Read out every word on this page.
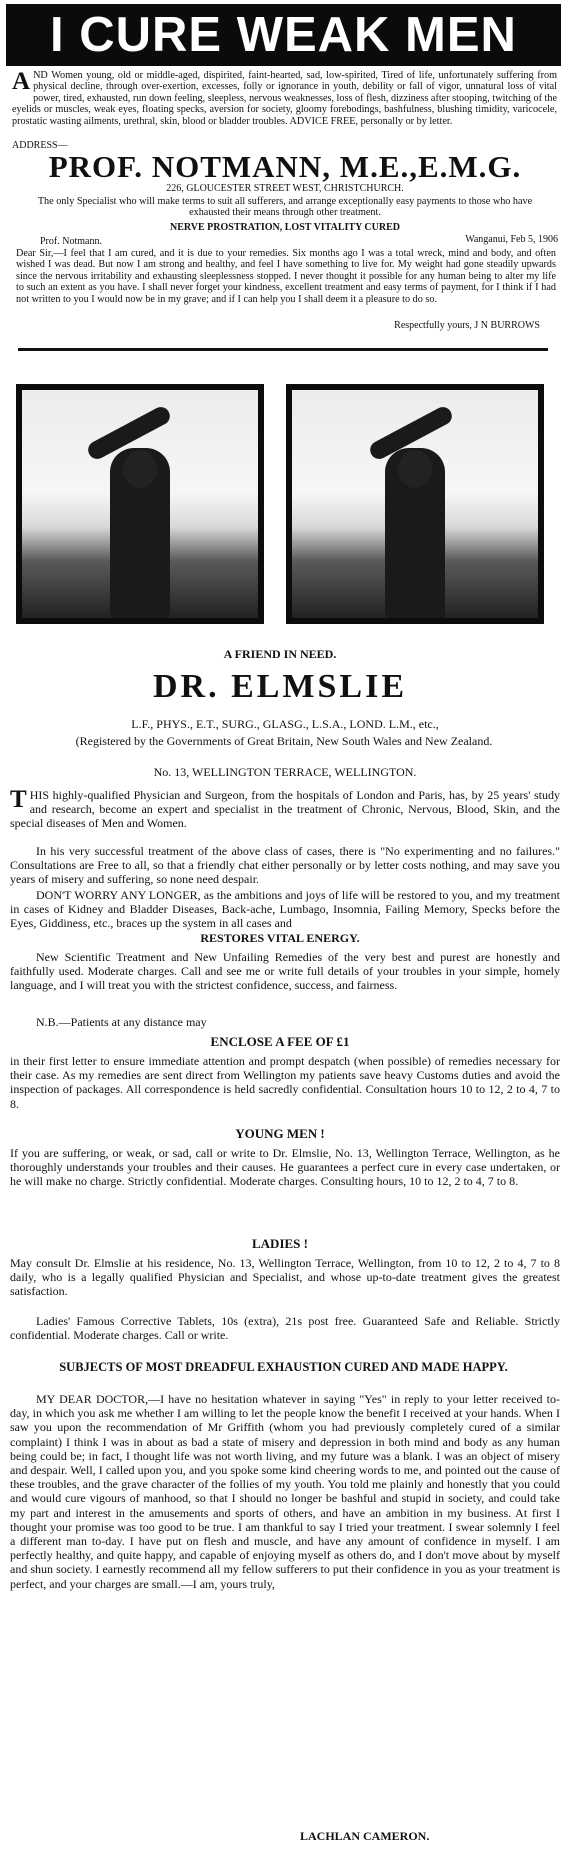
I CURE WEAK MEN

A ND Women young, old or middle-aged, dispirited, faint-hearted, sad, low-spirited, Tired of life, unfortunately suffering from physical decline, through over-exertion, excesses, folly or ignorance in youth, debility or fall of vigor, unnatural loss of vital power, tired, exhausted, run down feeling, sleepless, nervous weaknesses, loss of flesh, dizziness after stooping, twitching of the eyelids or muscles, weak eyes, floating specks, aversion for society, gloomy forebodings, bashfulness, blushing timidity, varicocele, prostatic wasting ailments, urethral, skin, blood or bladder troubles. ADVICE FREE, personally or by letter.

ADDRESS—

PROF. NOTMANN, M.E.,E.M.G.

226, GLOUCESTER STREET WEST, CHRISTCHURCH.

The only Specialist who will make terms to suit all sufferers, and arrange exceptionally easy payments to those who have exhausted their means through other treatment.

NERVE PROSTRATION, LOST VITALITY CURED

Prof. Notmann.	Wanganui, Feb 5, 1906

Dear Sir,—I feel that I am cured, and it is due to your remedies. Six months ago I was a total wreck, mind and body, and often wished I was dead. But now I am strong and healthy, and feel I have something to live for. My weight had gone steadily upwards since the nervous irritability and exhausting sleeplessness stopped. I never thought it possible for any human being to alter my life to such an extent as you have. I shall never forget your kindness, excellent treatment and easy terms of payment, for I think if I had not written to you I would now be in my grave; and if I can help you I shall deem it a pleasure to do so.

Respectfully yours, J N BURROWS

A FRIEND IN NEED.

DR. ELMSLIE

L.F., PHYS., E.T., SURG., GLASG., L.S.A., LOND. L.M., etc.,

(Registered by the Governments of Great Britain, New South Wales and New Zealand.

No. 13, WELLINGTON TERRACE, WELLINGTON.

T HIS highly-qualified Physician and Surgeon, from the hospitals of London and Paris, has, by 25 years' study and research, become an expert and specialist in the treatment of Chronic, Nervous, Blood, Skin, and the special diseases of Men and Women.

In his very successful treatment of the above class of cases, there is "No experimenting and no failures." Consultations are Free to all, so that a friendly chat either personally or by letter costs nothing, and may save you years of misery and suffering, so none need despair.

DON'T WORRY ANY LONGER, as the ambitions and joys of life will be restored to you, and my treatment in cases of Kidney and Bladder Diseases, Back-ache, Lumbago, Insomnia, Failing Memory, Specks before the Eyes, Giddiness, etc., braces up the system in all cases and

RESTORES VITAL ENERGY.

New Scientific Treatment and New Unfailing Remedies of the very best and purest are honestly and faithfully used. Moderate charges. Call and see me or write full details of your troubles in your simple, homely language, and I will treat you with the strictest confidence, success, and fairness.

N.B.—Patients at any distance may

ENCLOSE A FEE OF £1

in their first letter to ensure immediate attention and prompt despatch (when possible) of remedies necessary for their case. As my remedies are sent direct from Wellington my patients save heavy Customs duties and avoid the inspection of packages. All correspondence is held sacredly confidential. Consultation hours 10 to 12, 2 to 4, 7 to 8.

YOUNG MEN !

If you are suffering, or weak, or sad, call or write to Dr. Elmslie, No. 13, Wellington Terrace, Wellington, as he thoroughly understands your troubles and their causes. He guarantees a perfect cure in every case undertaken, or he will make no charge. Strictly confidential. Moderate charges. Consulting hours, 10 to 12, 2 to 4, 7 to 8.

LADIES !

May consult Dr. Elmslie at his residence, No. 13, Wellington Terrace, Wellington, from 10 to 12, 2 to 4, 7 to 8 daily, who is a legally qualified Physician and Specialist, and whose up-to-date treatment gives the greatest satisfaction.

Ladies' Famous Corrective Tablets, 10s (extra), 21s post free. Guaranteed Safe and Reliable. Strictly confidential. Moderate charges. Call or write.

SUBJECTS OF MOST DREADFUL EXHAUSTION CURED AND MADE HAPPY.

MY DEAR DOCTOR,—I have no hesitation whatever in saying "Yes" in reply to your letter received to-day, in which you ask me whether I am willing to let the people know the benefit I received at your hands. When I saw you upon the recommendation of Mr Griffith (whom you had previously completely cured of a similar complaint) I think I was in about as bad a state of misery and depression in both mind and body as any human being could be; in fact, I thought life was not worth living, and my future was a blank. I was an object of misery and despair. Well, I called upon you, and you spoke some kind cheering words to me, and pointed out the cause of these troubles, and the grave character of the follies of my youth. You told me plainly and honestly that you could and would cure vigours of manhood, so that I should no longer be bashful and stupid in society, and could take my part and interest in the amusements and sports of others, and have an ambition in my business. At first I thought your promise was too good to be true. I am thankful to say I tried your treatment. I swear solemnly I feel a different man to-day. I have put on flesh and muscle, and have any amount of confidence in myself. I am perfectly healthy, and quite happy, and capable of enjoying myself as others do, and I don't move about by myself and shun society. I earnestly recommend all my fellow sufferers to put their confidence in you as your treatment is perfect, and your charges are small.—I am, yours truly,

LACHLAN CAMERON.
